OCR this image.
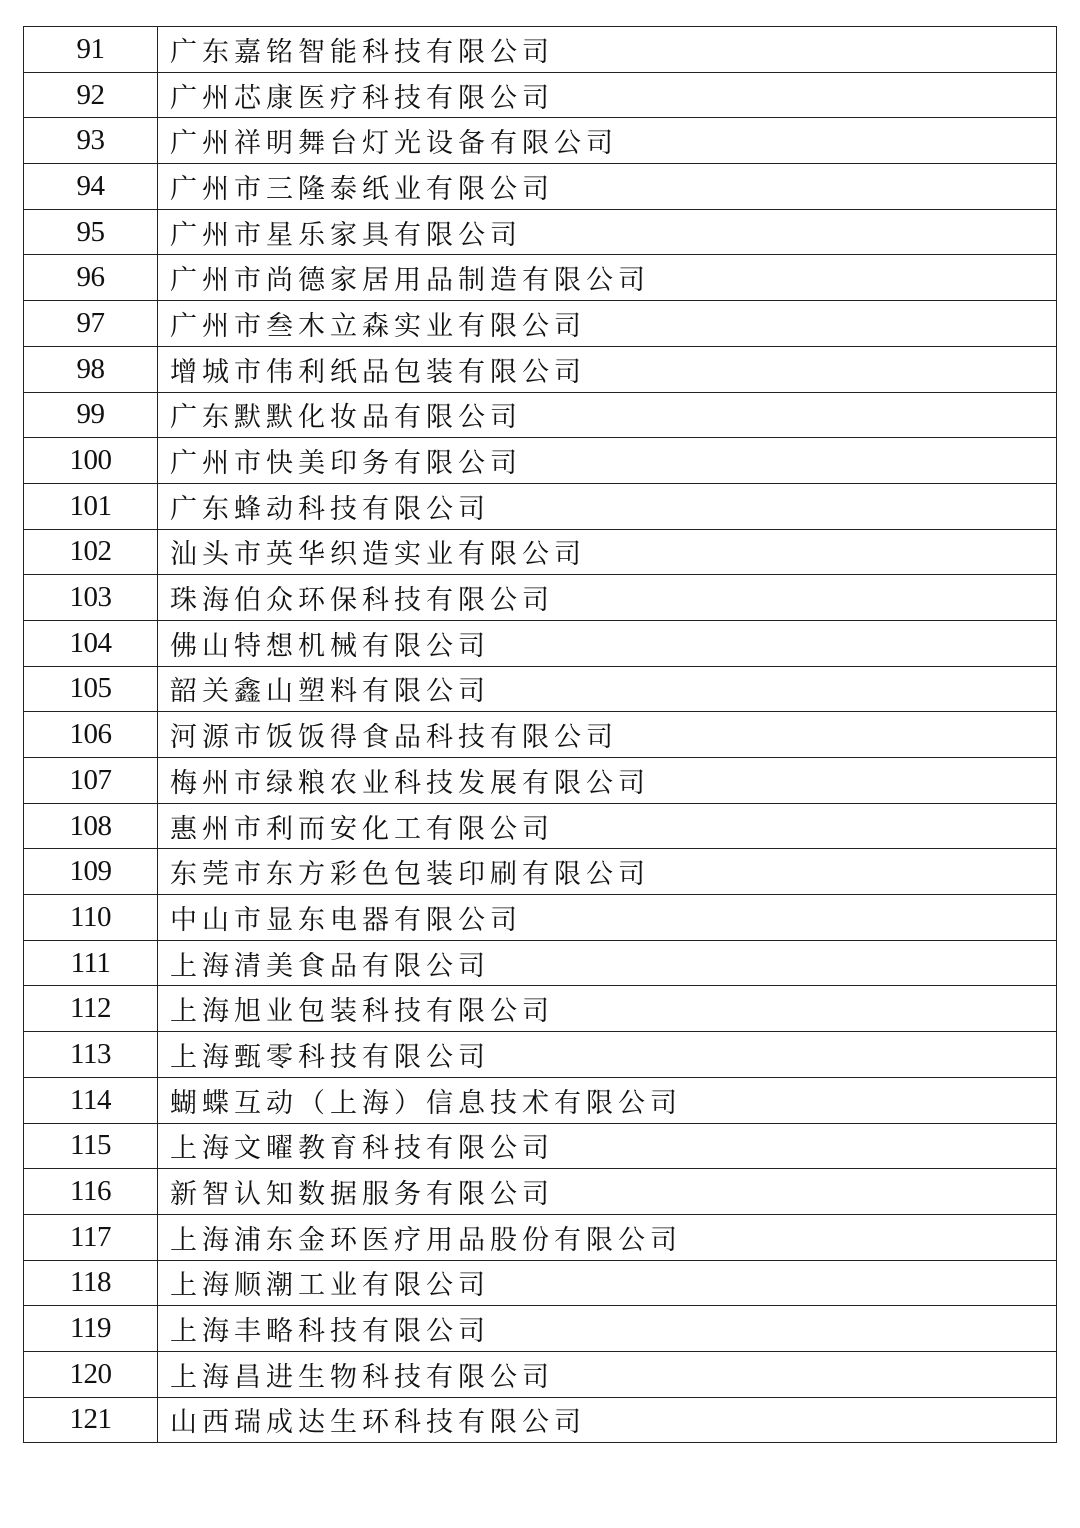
91	广东嘉铭智能科技有限公司
92	广州芯康医疗科技有限公司
93	广州祥明舞台灯光设备有限公司
94	广州市三隆泰纸业有限公司
95	广州市星乐家具有限公司
96	广州市尚德家居用品制造有限公司
97	广州市叁木立森实业有限公司
98	增城市伟利纸品包装有限公司
99	广东默默化妆品有限公司
100	广州市快美印务有限公司
101	广东蜂动科技有限公司
102	汕头市英华织造实业有限公司
103	珠海伯众环保科技有限公司
104	佛山特想机械有限公司
105	韶关鑫山塑料有限公司
106	河源市饭饭得食品科技有限公司
107	梅州市绿粮农业科技发展有限公司
108	惠州市利而安化工有限公司
109	东莞市东方彩色包装印刷有限公司
110	中山市显东电器有限公司
111	上海清美食品有限公司
112	上海旭业包装科技有限公司
113	上海甄零科技有限公司
114	蝴蝶互动（上海）信息技术有限公司
115	上海文曜教育科技有限公司
116	新智认知数据服务有限公司
117	上海浦东金环医疗用品股份有限公司
118	上海顺潮工业有限公司
119	上海丰略科技有限公司
120	上海昌进生物科技有限公司
121	山西瑞成达生环科技有限公司
